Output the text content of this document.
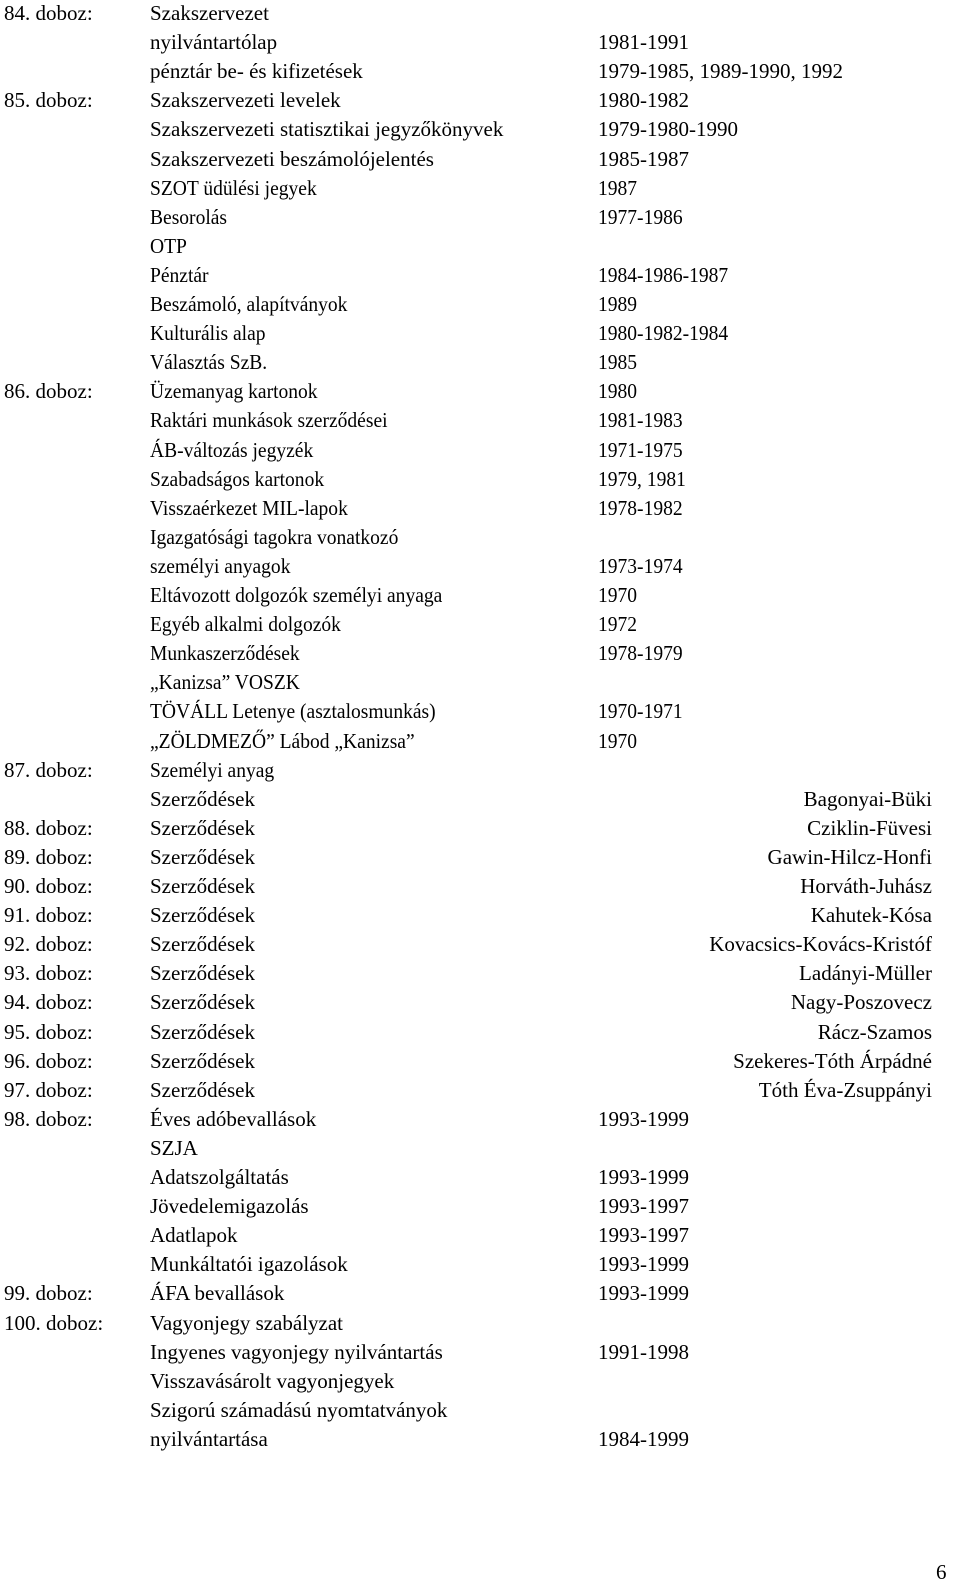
84. doboz:	Szakszervezet
nyilvántartólap	1981-1991
pénztár be- és kifizetések	1979-1985, 1989-1990, 1992
85. doboz:	Szakszervezeti levelek	1980-1982
Szakszervezeti statisztikai jegyzőkönyvek	1979-1980-1990
Szakszervezeti beszámolójelentés	1985-1987
SZOT üdülési jegyek	1987
Besorolás	1977-1986
OTP
Pénztár	1984-1986-1987
Beszámoló, alapítványok	1989
Kulturális alap	1980-1982-1984
Választás SzB.	1985
86. doboz:	Üzemanyag kartonok	1980
Raktári munkások szerződései	1981-1983
ÁB-változás jegyzék	1971-1975
Szabadságos kartonok	1979, 1981
Visszaérkezet MIL-lapok	1978-1982
Igazgatósági tagokra vonatkozó
személyi anyagok	1973-1974
Eltávozott dolgozók személyi anyaga	1970
Egyéb alkalmi dolgozók	1972
Munkaszerződések	1978-1979
„Kanizsa” VOSZK
TÖVÁLL Letenye (asztalosmunkás)	1970-1971
„ZÖLDMEZŐ” Lábod „Kanizsa”	1970
87. doboz:	Személyi anyag
Szerződések	Bagonyai-Büki
88. doboz:	Szerződések	Cziklin-Füvesi
89. doboz:	Szerződések	Gawin-Hilcz-Honfi
90. doboz:	Szerződések	Horváth-Juhász
91. doboz:	Szerződések	Kahutek-Kósa
92. doboz:	Szerződések	Kovacsics-Kovács-Kristóf
93. doboz:	Szerződések	Ladányi-Müller
94. doboz:	Szerződések	Nagy-Poszovecz
95. doboz:	Szerződések	Rácz-Szamos
96. doboz:	Szerződések	Szekeres-Tóth Árpádné
97. doboz:	Szerződések	Tóth Éva-Zsuppányi
98. doboz:	Éves adóbevallások	1993-1999
SZJA
Adatszolgáltatás	1993-1999
Jövedelemigazolás	1993-1997
Adatlapok	1993-1997
Munkáltatói igazolások	1993-1999
99. doboz:	ÁFA bevallások	1993-1999
100. doboz: Vagyonjegy szabályzat
Ingyenes vagyonjegy nyilvántartás	1991-1998
Visszavásárolt vagyonjegyek
Szigorú számadású nyomtatványok
nyilvántartása	1984-1999
6
